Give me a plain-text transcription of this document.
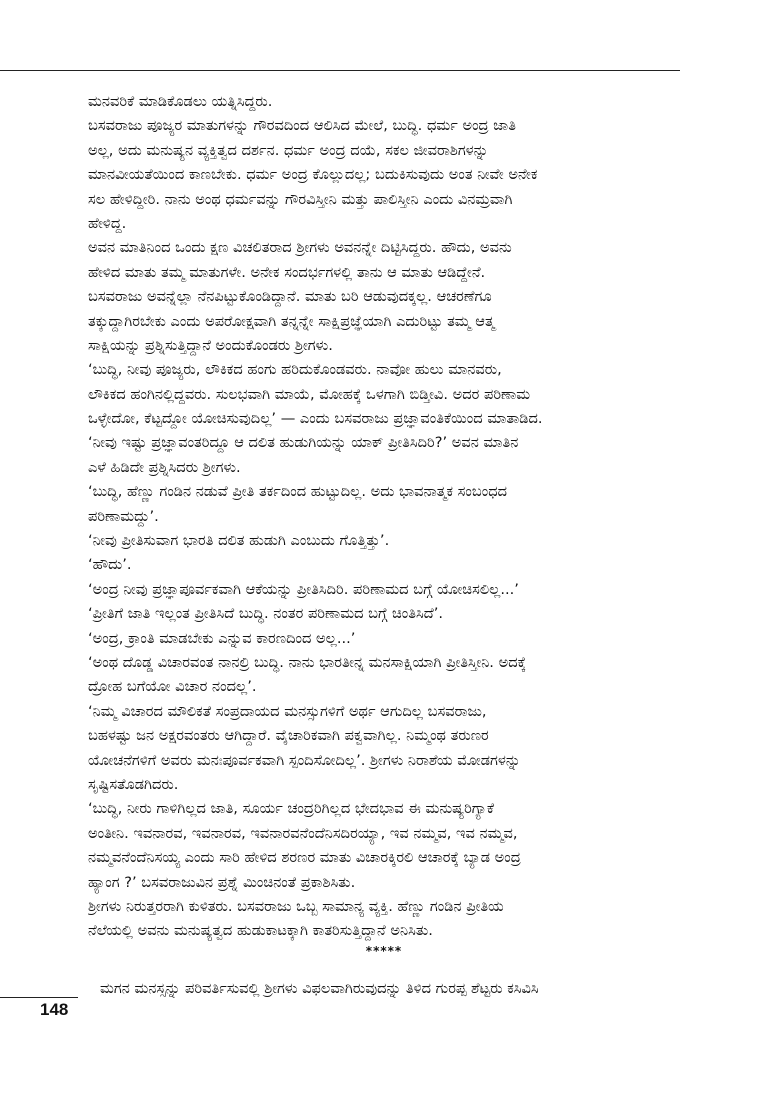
ಮನವರಿಕೆ ಮಾಡಿಕೊಡಲು ಯತ್ನಿಸಿದ್ದರು.
ಬಸವರಾಜು ಪೂಜ್ಯರ ಮಾತುಗಳನ್ನು ಗೌರವದಿಂದ ಆಲಿಸಿದ ಮೇಲೆ, ಬುದ್ಧಿ. ಧರ್ಮ ಅಂದ್ರ ಜಾತಿ
ಅಲ್ಲ, ಅದು ಮನುಷ್ಯನ ವ್ಯಕ್ತಿತ್ವದ ದರ್ಶನ. ಧರ್ಮ ಅಂದ್ರ ದಯೆ, ಸಕಲ ಜೀವರಾಶಿಗಳನ್ನು
ಮಾನವೀಯತೆಯಿಂದ ಕಾಣಬೇಕು. ಧರ್ಮ ಅಂದ್ರ ಕೊಲ್ಲುದಲ್ಲ; ಬದುಕಿಸುವುದು ಅಂತ ನೀವೇ ಅನೇಕ
ಸಲ ಹೇಳಿದ್ದೀರಿ. ನಾನು ಅಂಥ ಧರ್ಮವನ್ನು ಗೌರವಿಸ್ತೀನಿ ಮತ್ತು ಪಾಲಿಸ್ತೀನಿ ಎಂದು ವಿನಮ್ರವಾಗಿ
ಹೇಳಿದ್ದ.
ಅವನ ಮಾತಿನಿಂದ ಒಂದು ಕ್ಷಣ ವಿಚಲಿತರಾದ ಶ್ರೀಗಳು ಅವನನ್ನೇ ದಿಟ್ಟಿಸಿದ್ದರು. ಹೌದು, ಅವನು
ಹೇಳಿದ ಮಾತು ತಮ್ಮ ಮಾತುಗಳೇ. ಅನೇಕ ಸಂದರ್ಭಗಳಲ್ಲಿ ತಾನು ಆ ಮಾತು ಆಡಿದ್ದೇನೆ.
ಬಸವರಾಜು ಅವನ್ನೆಲ್ಲಾ ನೆನಪಿಟ್ಟುಕೊಂಡಿದ್ದಾನೆ. ಮಾತು ಬರಿ ಆಡುವುದಕ್ಕಲ್ಲ. ಆಚರಣೆಗೂ
ತಕ್ಕುದ್ದಾಗಿರಬೇಕು ಎಂದು ಅಪರೋಕ್ಷವಾಗಿ ತನ್ನನ್ನೇ ಸಾಕ್ಷಿಪ್ರಜ್ಞೆಯಾಗಿ ಎದುರಿಟ್ಟು ತಮ್ಮ ಆತ್ಮ
ಸಾಕ್ಷಿಯನ್ನು ಪ್ರಶ್ನಿಸುತ್ತಿದ್ದಾನೆ ಅಂದುಕೊಂಡರು ಶ್ರೀಗಳು.
‘ಬುದ್ಧಿ, ನೀವು ಪೂಜ್ಯರು, ಲೌಕಿಕದ ಹಂಗು ಹರಿದುಕೊಂಡವರು. ನಾವೋ ಹುಲು ಮಾನವರು,
ಲೌಕಿಕದ ಹಂಗಿನಲ್ಲಿದ್ದವರು. ಸುಲಭವಾಗಿ ಮಾಯೆ, ಮೋಹಕ್ಕೆ ಒಳಗಾಗಿ ಬಿಡ್ತೀವಿ. ಅದರ ಪರಿಣಾಮ
ಒಳ್ಳೇದೋ, ಕೆಟ್ಟದ್ದೋ ಯೋಚಿಸುವುದಿಲ್ಲ’ — ಎಂದು ಬಸವರಾಜು ಪ್ರಜ್ಞಾವಂತಿಕೆಯಿಂದ ಮಾತಾಡಿದ.
‘ನೀವು ಇಷ್ಟು ಪ್ರಜ್ಞಾವಂತರಿದ್ದೂ ಆ ದಲಿತ ಹುಡುಗಿಯನ್ನು ಯಾಕ್ ಪ್ರೀತಿಸಿದಿರಿ?’ ಅವನ ಮಾತಿನ
ಎಳೆ ಹಿಡಿದೇ ಪ್ರಶ್ನಿಸಿದರು ಶ್ರೀಗಳು.
‘ಬುದ್ಧಿ, ಹೆಣ್ಣು ಗಂಡಿನ ನಡುವೆ ಪ್ರೀತಿ ತರ್ಕದಿಂದ ಹುಟ್ಟುದಿಲ್ಲ. ಅದು ಭಾವನಾತ್ಮಕ ಸಂಬಂಧದ
ಪರಿಣಾಮದ್ದು’.
‘ನೀವು ಪ್ರೀತಿಸುವಾಗ ಭಾರತಿ ದಲಿತ ಹುಡುಗಿ ಎಂಬುದು ಗೊತ್ತಿತ್ತು’.
‘ಹೌದು’.
‘ಅಂದ್ರ ನೀವು ಪ್ರಜ್ಞಾಪೂರ್ವಕವಾಗಿ ಆಕೆಯನ್ನು ಪ್ರೀತಿಸಿದಿರಿ. ಪರಿಣಾಮದ ಬಗ್ಗೆ ಯೋಚಿಸಲಿಲ್ಲ...’
‘ಪ್ರೀತಿಗೆ ಜಾತಿ ಇಲ್ಲಂತ ಪ್ರೀತಿಸಿದೆ ಬುದ್ಧಿ. ನಂತರ ಪರಿಣಾಮದ ಬಗ್ಗೆ ಚಿಂತಿಸಿದೆ’.
‘ಅಂದ್ರ, ಕ್ರಾಂತಿ ಮಾಡಬೇಕು ಎನ್ನುವ ಕಾರಣದಿಂದ ಅಲ್ಲ...’
‘ಅಂಥ ದೊಡ್ಡ ವಿಚಾರವಂತ ನಾನಲ್ರಿ ಬುದ್ಧಿ. ನಾನು ಭಾರತೀನ್ನ ಮನಸಾಕ್ಷಿಯಾಗಿ ಪ್ರೀತಿಸ್ತೀನಿ. ಅದಕ್ಕೆ
ದ್ರೋಹ ಬಗೆಯೋ ವಿಚಾರ ನಂದಲ್ಲ’.
‘ನಿಮ್ಮ ವಿಚಾರದ ಮೌಲಿಕತೆ ಸಂಪ್ರದಾಯದ ಮನಸ್ಸುಗಳಿಗೆ ಅರ್ಥ ಆಗುದಿಲ್ಲ ಬಸವರಾಜು,
ಬಹಳಷ್ಟು ಜನ ಅಕ್ಷರವಂತರು ಆಗಿದ್ದಾರೆ. ವೈಚಾರಿಕವಾಗಿ ಪಕ್ವವಾಗಿಲ್ಲ. ನಿಮ್ಮಂಥ ತರುಣರ
ಯೋಚನೆಗಳಿಗೆ ಅವರು ಮನಃಪೂರ್ವಕವಾಗಿ ಸ್ಪಂದಿಸೋದಿಲ್ಲ’. ಶ್ರೀಗಳು ನಿರಾಶೆಯ ಮೋಡಗಳನ್ನು
ಸೃಷ್ಟಿಸತೊಡಗಿದರು.
‘ಬುದ್ಧಿ, ನೀರು ಗಾಳಿಗಿಲ್ಲದ ಜಾತಿ, ಸೂರ್ಯ ಚಂದ್ರರಿಗಿಲ್ಲದ ಭೇದಭಾವ ಈ ಮನುಷ್ಯರಿಗ್ಯಾಕೆ
ಅಂತೀನಿ. ಇವನಾರವ, ಇವನಾರವ, ಇವನಾರವನೆಂದೆನಿಸದಿರಯ್ಯಾ, ಇವ ನಮ್ಮವ, ಇವ ನಮ್ಮವ,
ನಮ್ಮವನೆಂದೆನಿಸಯ್ಯ ಎಂದು ಸಾರಿ ಹೇಳಿದ ಶರಣರ ಮಾತು ವಿಚಾರಕ್ಕಿರಲಿ ಆಚಾರಕ್ಕೆ ಬ್ಯಾಡ ಅಂದ್ರ
ಹ್ಯಾಂಗ ?’ ಬಸವರಾಜುವಿನ ಪ್ರಶ್ನೆ ಮಿಂಚಿನಂತೆ ಪ್ರಕಾಶಿಸಿತು.
ಶ್ರೀಗಳು ನಿರುತ್ತರರಾಗಿ ಕುಳಿತರು. ಬಸವರಾಜು ಒಬ್ಬ ಸಾಮಾನ್ಯ ವ್ಯಕ್ತಿ. ಹೆಣ್ಣು ಗಂಡಿನ ಪ್ರೀತಿಯ
ನೆಲೆಯಲ್ಲಿ ಅವನು ಮನುಷ್ಯತ್ವದ ಹುಡುಕಾಟಕ್ಕಾಗಿ ಕಾತರಿಸುತ್ತಿದ್ದಾನೆ ಅನಿಸಿತು.
*****
ಮಗನ ಮನಸ್ಸನ್ನು ಪರಿವರ್ತಿಸುವಲ್ಲಿ ಶ್ರೀಗಳು ವಿಫಲವಾಗಿರುವುದನ್ನು ತಿಳಿದ ಗುರಪ್ಪ ಶೆಟ್ಟರು ಕಸಿವಿಸಿ
148
